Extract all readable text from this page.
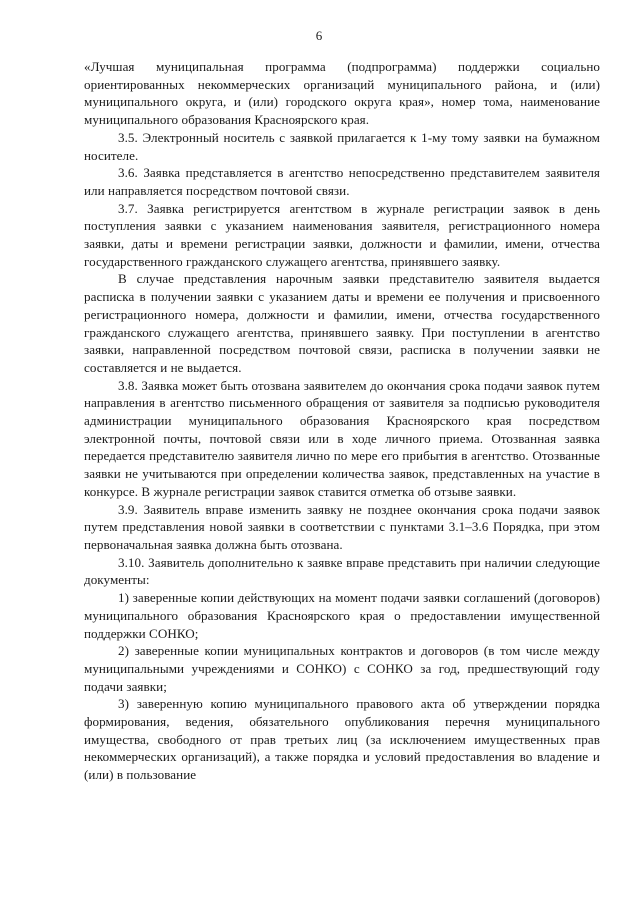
6

«Лучшая муниципальная программа (подпрограмма) поддержки социально ориентированных некоммерческих организаций муниципального района, и (или) муниципального округа, и (или) городского округа края», номер тома, наименование муниципального образования Красноярского края.

3.5. Электронный носитель с заявкой прилагается к 1-му тому заявки на бумажном носителе.

3.6. Заявка представляется в агентство непосредственно представителем заявителя или направляется посредством почтовой связи.

3.7. Заявка регистрируется агентством в журнале регистрации заявок в день поступления заявки с указанием наименования заявителя, регистрационного номера заявки, даты и времени регистрации заявки, должности и фамилии, имени, отчества государственного гражданского служащего агентства, принявшего заявку.

В случае представления нарочным заявки представителю заявителя выдается расписка в получении заявки с указанием даты и времени ее получения и присвоенного регистрационного номера, должности и фамилии, имени, отчества государственного гражданского служащего агентства, принявшего заявку. При поступлении в агентство заявки, направленной посредством почтовой связи, расписка в получении заявки не составляется и не выдается.

3.8. Заявка может быть отозвана заявителем до окончания срока подачи заявок путем направления в агентство письменного обращения от заявителя за подписью руководителя администрации муниципального образования Красноярского края посредством электронной почты, почтовой связи или в ходе личного приема. Отозванная заявка передается представителю заявителя лично по мере его прибытия в агентство. Отозванные заявки не учитываются при определении количества заявок, представленных на участие в конкурсе. В журнале регистрации заявок ставится отметка об отзыве заявки.

3.9. Заявитель вправе изменить заявку не позднее окончания срока подачи заявок путем представления новой заявки в соответствии с пунктами 3.1–3.6 Порядка, при этом первоначальная заявка должна быть отозвана.

3.10. Заявитель дополнительно к заявке вправе представить при наличии следующие документы:

1) заверенные копии действующих на момент подачи заявки соглашений (договоров) муниципального образования Красноярского края о предоставлении имущественной поддержки СОНКО;

2) заверенные копии муниципальных контрактов и договоров (в том числе между муниципальными учреждениями и СОНКО) с СОНКО за год, предшествующий году подачи заявки;

3) заверенную копию муниципального правового акта об утверждении порядка формирования, ведения, обязательного опубликования перечня муниципального имущества, свободного от прав третьих лиц (за исключением имущественных прав некоммерческих организаций), а также порядка и условий предоставления во владение и (или) в пользование
